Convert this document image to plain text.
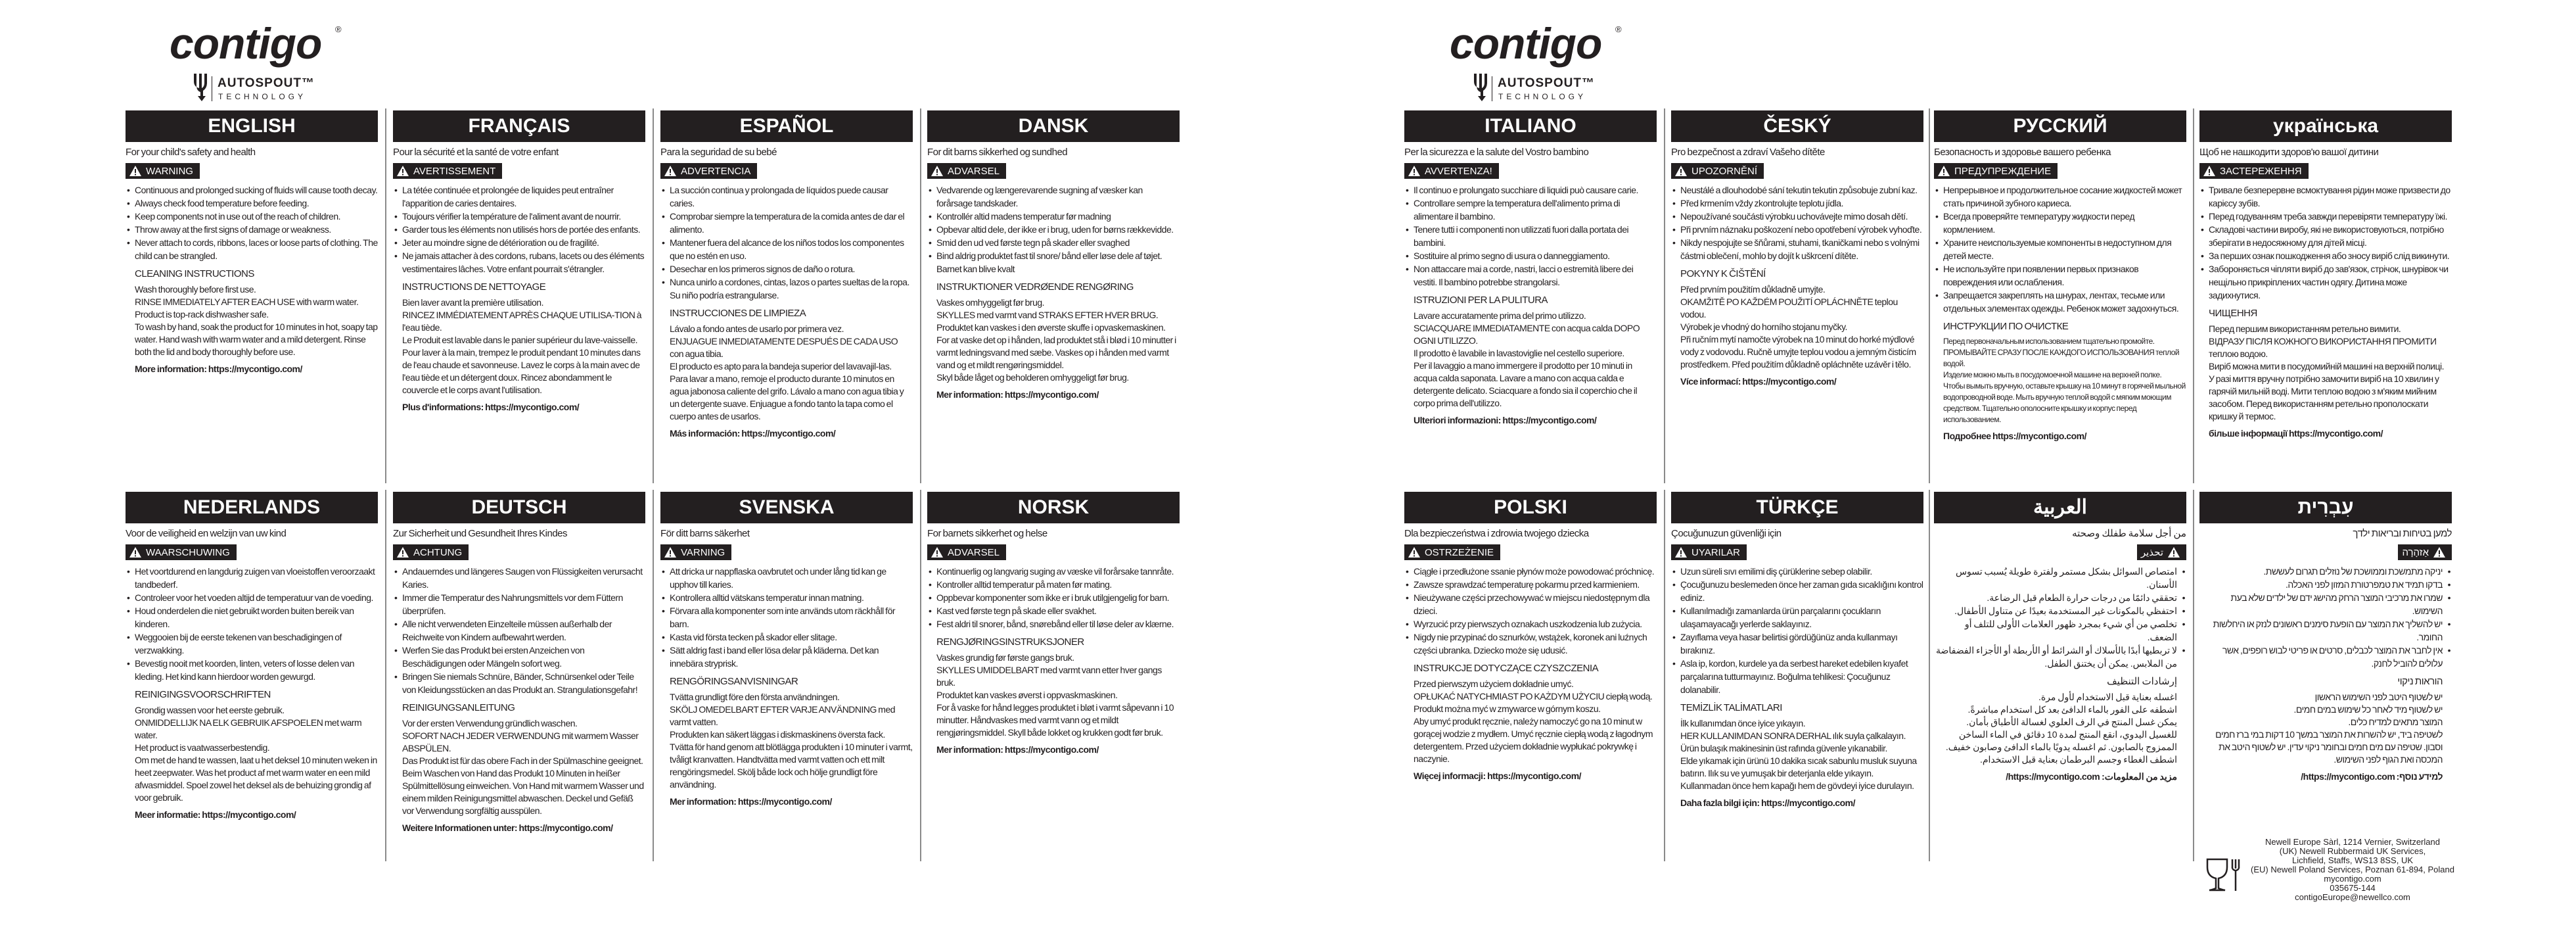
contigo ®
AUTOSPOUT™
TECHNOLOGY
contigo ®
AUTOSPOUT™
TECHNOLOGY
ENGLISH
For your child's safety and health
WARNING
• Continuous and prolonged sucking of fluids will cause tooth decay.
• Always check food temperature before feeding.
• Keep components not in use out of the reach of children.
• Throw away at the first signs of damage or weakness.
• Never attach to cords, ribbons, laces or loose parts of clothing. The child can be strangled.
CLEANING INSTRUCTIONS
Wash thoroughly before first use.
RINSE IMMEDIATELY AFTER EACH USE with warm water.
Product is top-rack dishwasher safe.
To wash by hand, soak the product for 10 minutes in hot, soapy tap water. Hand wash with warm water and a mild detergent. Rinse both the lid and body thoroughly before use.
More information: https://mycontigo.com/
FRANÇAIS
Pour la sécurité et la santé de votre enfant
AVERTISSEMENT
• La tétée continuée et prolongée de liquides peut entraîner l'apparition de caries dentaires.
• Toujours vérifier la température de l'aliment avant de nourrir.
• Garder tous les éléments non utilisés hors de portée des enfants.
• Jeter au moindre signe de détérioration ou de fragilité.
• Ne jamais attacher à des cordons, rubans, lacets ou des éléments vestimentaires lâches. Votre enfant pourrait s'étrangler.
INSTRUCTIONS DE NETTOYAGE
Bien laver avant la première utilisation.
RINCEZ IMMÉDIATEMENT APRÈS CHAQUE UTILISA-TION à l'eau tiède.
Le Produit est lavable dans le panier supérieur du lave-vaisselle.
Pour laver à la main, trempez le produit pendant 10 minutes dans de l'eau chaude et savonneuse. Lavez le corps à la main avec de l'eau tiède et un détergent doux. Rincez abondamment le couvercle et le corps avant l'utilisation.
Plus d'informations: https://mycontigo.com/
ESPAÑOL
Para la seguridad de su bebé
ADVERTENCIA
• La succión continua y prolongada de líquidos puede causar caries.
• Comprobar siempre la temperatura de la comida antes de dar el alimento.
• Mantener fuera del alcance de los niños todos los componentes que no estén en uso.
• Desechar en los primeros signos de daño o rotura.
• Nunca unirlo a cordones, cintas, lazos o partes sueltas de la ropa. Su niño podría estrangularse.
INSTRUCCIONES DE LIMPIEZA
Lávalo a fondo antes de usarlo por primera vez.
ENJUAGUE INMEDIATAMENTE DESPUÉS DE CADA USO con agua tibia.
El producto es apto para la bandeja superior del lavavajil-las.
Para lavar a mano, remoje el producto durante 10 minutos en agua jabonosa caliente del grifo. Lávalo a mano con agua tibia y un detergente suave. Enjuague a fondo tanto la tapa como el cuerpo antes de usarlos.
Más información: https://mycontigo.com/
DANSK
For dit barns sikkerhed og sundhed
ADVARSEL
• Vedvarende og længerevarende sugning af væsker kan forårsage tandskader.
• Kontrollér altid madens temperatur før madning
• Opbevar altid dele, der ikke er i brug, uden for børns rækkevidde.
• Smid den ud ved første tegn på skader eller svaghed
• Bind aldrig produktet fast til snore/ bånd eller løse dele af tøjet. Barnet kan blive kvalt
INSTRUKTIONER VEDRØENDE RENGØRING
Vaskes omhyggeligt før brug.
SKYLLES med varmt vand STRAKS EFTER HVER BRUG.
Produktet kan vaskes i den øverste skuffe i opvaskemaskinen.
For at vaske det op i hånden, lad produktet stå i blød i 10 minutter i varmt ledningsvand med sæbe. Vaskes op i hånden med varmt vand og et mildt rengøringsmiddel.
Skyl både låget og beholderen omhyggeligt før brug.
Mer information: https://mycontigo.com/
NEDERLANDS
Voor de veiligheid en welzijn van uw kind
WAARSCHUWING
• Het voortdurend en langdurig zuigen van vloeistoffen veroorzaakt tandbederf.
• Controleer voor het voeden altijd de temperatuur van de voeding.
• Houd onderdelen die niet gebruikt worden buiten bereik van kinderen.
• Weggooien bij de eerste tekenen van beschadigingen of verzwakking.
• Bevestig nooit met koorden, linten, veters of losse delen van kleding. Het kind kann hierdoor worden gewurgd.
REINIGINGSVOORSCHRIFTEN
Grondig wassen voor het eerste gebruik.
ONMIDDELLIJK NA ELK GEBRUIK AFSPOELEN met warm water.
Het product is vaatwasserbestendig.
Om met de hand te wassen, laat u het deksel 10 minuten weken in heet zeepwater. Was het product af met warm water en een mild afwasmiddel. Spoel zowel het deksel als de behuizing grondig af voor gebruik.
Meer informatie: https://mycontigo.com/
DEUTSCH
Zur Sicherheit und Gesundheit Ihres Kindes
ACHTUNG
• Andauerndes und längeres Saugen von Flüssigkeiten verursacht Karies.
• Immer die Temperatur des Nahrungsmittels vor dem Füttern überprüfen.
• Alle nicht verwendeten Einzelteile müssen außerhalb der Reichweite von Kindern aufbewahrt werden.
• Werfen Sie das Produkt bei ersten Anzeichen von Beschädigungen oder Mängeln sofort weg.
• Bringen Sie niemals Schnüre, Bänder, Schnürsenkel oder Teile von Kleidungsstücken an das Produkt an. Strangulationsgefahr!
REINIGUNGSANLEITUNG
Vor der ersten Verwendung gründlich waschen.
SOFORT NACH JEDER VERWENDUNG mit warmem Wasser ABSPÜLEN.
Das Produkt ist für das obere Fach in der Spülmaschine geeignet.
Beim Waschen von Hand das Produkt 10 Minuten in heißer Spülmittellösung einweichen. Von Hand mit warmem Wasser und einem milden Reinigungsmittel abwaschen. Deckel und Gefäß vor Verwendung sorgfältig ausspülen.
Weitere Informationen unter: https://mycontigo.com/
SVENSKA
För ditt barns säkerhet
VARNING
• Att dricka ur nappflaska oavbrutet och under lång tid kan ge upphov till karies.
• Kontrollera alltid vätskans temperatur innan matning.
• Förvara alla komponenter som inte används utom räckhåll för barn.
• Kasta vid första tecken på skador eller slitage.
• Sätt aldrig fast i band eller lösa delar på kläderna. Det kan innebära stryprisk.
RENGÖRINGSANVISNINGAR
Tvätta grundligt före den första användningen.
SKÖLJ OMEDELBART EFTER VARJE ANVÄNDNING med varmt vatten.
Produkten kan säkert läggas i diskmaskinens översta fack.
Tvätta för hand genom att blötlägga produkten i 10 minuter i varmt, tvåligt kranvatten. Handtvätta med varmt vatten och ett milt rengöringsmedel. Skölj både lock och hölje grundligt före användning.
Mer information: https://mycontigo.com/
NORSK
For barnets sikkerhet og helse
ADVARSEL
• Kontinuerlig og langvarig suging av væske vil forårsake tannråte.
• Kontroller alltid temperatur på maten før mating.
• Oppbevar komponenter som ikke er i bruk utilgjengelig for barn.
• Kast ved første tegn på skade eller svakhet.
• Fest aldri til snorer, bånd, snørebånd eller til løse deler av klærne.
RENGJØRINGSINSTRUKSJONER
Vaskes grundig før første gangs bruk.
SKYLLES UMIDDELBART med varmt vann etter hver gangs bruk.
Produktet kan vaskes øverst i oppvaskmaskinen.
For å vaske for hånd legges produktet i bløt i varmt såpevann i 10 minutter. Håndvaskes med varmt vann og et mildt rengjøringsmiddel. Skyll både lokket og krukken godt før bruk.
Mer information: https://mycontigo.com/
ITALIANO
Per la sicurezza e la salute del Vostro bambino
AVVERTENZA!
• Il continuo e prolungato succhiare di liquidi può causare carie.
• Controllare sempre la temperatura dell'alimento prima di alimentare il bambino.
• Tenere tutti i componenti non utilizzati fuori dalla portata dei bambini.
• Sostituire al primo segno di usura o danneggiamento.
• Non attaccare mai a corde, nastri, lacci o estremità libere dei vestiti. Il bambino potrebbe strangolarsi.
ISTRUZIONI PER LA PULITURA
Lavare accuratamente prima del primo utilizzo.
SCIACQUARE IMMEDIATAMENTE con acqua calda DOPO OGNI UTILIZZO.
Il prodotto è lavabile in lavastoviglie nel cestello superiore.
Per il lavaggio a mano immergere il prodotto per 10 minuti in acqua calda saponata. Lavare a mano con acqua calda e detergente delicato. Sciacquare a fondo sia il coperchio che il corpo prima dell'utilizzo.
Ulteriori informazioni: https://mycontigo.com/
ČESKÝ
Pro bezpečnost a zdraví Vašeho dítěte
UPOZORNĚNÍ
• Neustálé a dlouhodobé sání tekutin tekutin způsobuje zubní kaz.
• Před krmením vždy zkontrolujte teplotu jídla.
• Nepoužívané součásti výrobku uchovávejte mimo dosah dětí.
• Při prvním náznaku poškození nebo opotřebení výrobek vyhoďte.
• Nikdy nespojujte se šňůrami, stuhami, tkaničkami nebo s volnými částmi oblečení, mohlo by dojít k uškrcení dítěte.
POKYNY K ČIŠTĚNÍ
Před prvním použitím důkladně umyjte.
OKAMŽITĚ PO KAŽDÉM POUŽITÍ OPLÁCHNĚTE teplou vodou.
Výrobek je vhodný do horního stojanu myčky.
Při ručním mytí namočte výrobek na 10 minut do horké mýdlové vody z vodovodu. Ručně umyjte teplou vodou a jemným čisticím prostředkem. Před použitím důkladně opláchněte uzávěr i tělo.
Více informací: https://mycontigo.com/
РУССКИЙ
Безопасность и здоровье вашего ребенка
ПРЕДУПРЕЖДЕНИЕ
• Непрерывное и продолжительное сосание жидкостей может стать причиной зубного кариеса.
• Всегда проверяйте температуру жидкости перед кормлением.
• Храните неиспользуемые компоненты в недоступном для детей месте.
• Не используйте при появлении первых признаков повреждения или ослабления.
• Запрещается закреплять на шнурах, лентах, тесьме или отдельных элементах одежды. Ребенок может задохнуться.
ИНСТРУКЦИИ ПО ОЧИСТКЕ
Перед первоначальным использованием тщательно промойте.
ПРОМЫВАЙТЕ СРАЗУ ПОСЛЕ КАЖДОГО ИСПОЛЬЗОВАНИЯ теплой водой.
Изделие можно мыть в посудомоечной машине на верхней полке.
Чтобы вымыть вручную, оставьте крышку на 10 минут в горячей мыльной водопроводной воде. Мыть вручную теплой водой с мягким моющим средством. Тщательно ополосните крышку и корпус перед использованием.
Подробнее https://mycontigo.com/
українська
Щоб не нашкодити здоров'ю вашої дитини
ЗАСТЕРЕЖЕННЯ
• Тривале безперервне всмоктування рідин може призвести до карієсу зубів.
• Перед годуванням треба завжди перевіряти температуру їжі.
• Складові частини виробу, які не використовуються, потрібно зберігати в недосяжному для дітей місці.
• За перших ознак пошкодження або зносу виріб слід викинути.
• Забороняється чіпляти виріб до зав'язок, стрічок, шнурівок чи нещільно прикріплених частин одягу. Дитина може задихнутися.
ЧИЩЕННЯ
Перед першим використанням ретельно вимити.
ВІДРАЗУ ПІСЛЯ КОЖНОГО ВИКОРИСТАННЯ ПРОМИТИ теплою водою.
Виріб можна мити в посудомийній машині на верхній полиці.
У разі миття вручну потрібно замочити виріб на 10 хвилин у гарячій мильній воді. Мити теплою водою з м'яким мийним засобом. Перед використанням ретельно прополоскати кришку й термос.
більше інформації https://mycontigo.com/
POLSKI
Dla bezpieczeństwa i zdrowia twojego dziecka
OSTRZEŻENIE
• Ciągłe i przedłużone ssanie płynów może powodować próchnicę.
• Zawsze sprawdzać temperaturę pokarmu przed karmieniem.
• Nieużywane części przechowywać w miejscu niedostępnym dla dzieci.
• Wyrzucić przy pierwszych oznakach uszkodzenia lub zużycia.
• Nigdy nie przypinać do sznurków, wstążek, koronek ani luźnych części ubranka. Dziecko może się udusić.
INSTRUKCJE DOTYCZĄCE CZYSZCZENIA
Przed pierwszym użyciem dokładnie umyć.
OPŁUKAĆ NATYCHMIAST PO KAŻDYM UŻYCIU ciepłą wodą.
Produkt można myć w zmywarce w górnym koszu.
Aby umyć produkt ręcznie, należy namoczyć go na 10 minut w gorącej wodzie z mydłem. Umyć ręcznie ciepłą wodą z łagodnym detergentem. Przed użyciem dokładnie wypłukać pokrywkę i naczynie.
Więcej informacji: https://mycontigo.com/
TÜRKÇE
Çocuğunuzun güvenliği için
UYARILAR
• Uzun süreli sıvı emilimi diş çürüklerine sebep olabilir.
• Çocuğunuzu beslemeden önce her zaman gıda sıcaklığını kontrol ediniz.
• Kullanılmadığı zamanlarda ürün parçalarını çocukların ulaşamayacağı yerlerde saklayınız.
• Zayıflama veya hasar belirtisi gördüğünüz anda kullanmayı bırakınız.
• Asla ip, kordon, kurdele ya da serbest hareket edebilen kıyafet parçalarına tutturmayınız. Boğulma tehlikesi: Çocuğunuz dolanabilir.
TEMİZLİK TALİMATLARI
İlk kullanımdan önce iyice yıkayın.
HER KULLANIMDAN SONRA DERHAL ılık suyla çalkalayın.
Ürün bulaşık makinesinin üst rafında güvenle yıkanabilir.
Elde yıkamak için ürünü 10 dakika sıcak sabunlu musluk suyuna batırın. Ilık su ve yumuşak bir deterjanla elde yıkayın. Kullanmadan önce hem kapağı hem de gövdeyi iyice durulayın.
Daha fazla bilgi için: https://mycontigo.com/
العربية
من أجل سلامة طفلك وصحته
تحذير
• امتصاص السوائل بشكل مستمر ولفترة طويلة يُسبب تسوس الأسنان.
• تحققي دائمًا من درجات حرارة الطعام قبل الرضاعة.
• احتفظي بالمكونات غير المستخدمة بعيدًا عن متناول الأطفال.
• تخلصي من أي شيء بمجرد ظهور العلامات الأولى للتلف أو الضعف.
• لا تربطيها أبدًا بالأسلاك أو الشرائط أو الأربطة أو الأجزاء الفضفاضة من الملابس. يمكن أن يختنق الطفل.
إرشادات التنظيف
اغسله بعناية قبل الاستخدام لأول مرة.
اشطفه على الفور بالماء الدافئ بعد كل استخدام مباشرةً.
يمكن غسل المنتج في الرف العلوي لغسالة الأطباق بأمان.
للغسيل اليدوي، انقع المنتج لمدة 10 دقائق في الماء الساخن الممزوج بالصابون. ثم اغسله يدويًا بالماء الدافئ وصابون خفيف. اشطف الغطاء وجسم البرطمان بعناية قبل الاستخدام.
مزيد من المعلومات: https://mycontigo.com/
עִבְרִית
למען בטיחות ובריאות ילדך
אַזהָרָה
• יניקה מתמשכת וממושכת של נוזלים תגרום לעששת.
• בדקו תמיד את טמפרטורת המזון לפני האכלה.
• שמרו את מרכיבי המוצר הרחק מהישג ידם של ילדים שלא בעת השימוש.
• יש להשליך את המוצר עם הופעת סימנים ראשונים לנזק או היחלשות החומר.
• אין לחבר את המוצר לכבלים, סרטים או פריטי לבוש רופפים, אשר עלולים להוביל לחנק.
הוראות ניקוי
יש לשטוף היטב לפני השימוש הראשון
יש לשטוף מיד לאחר כל שימוש במים חמים.
המוצר מתאים למדיח כלים.
לשטיפה ביד, יש להשרות את המוצר במשך 10 דקות במי ברז חמים וסבון. שטיפה עם מים חמים ובחומר ניקוי עדין. יש לשטוף היטב את המכסה ואת הגוף לפני השימוש.
למידע נוסף: https://mycontigo.com/
Newell Europe Sàrl, 1214 Vernier, Switzerland
(UK) Newell Rubbermaid UK Services,
Lichfield, Staffs, WS13 8SS, UK
(EU) Newell Poland Services, Poznan 61-894, Poland
mycontigo.com
035675-144
contigoEurope@newellco.com
